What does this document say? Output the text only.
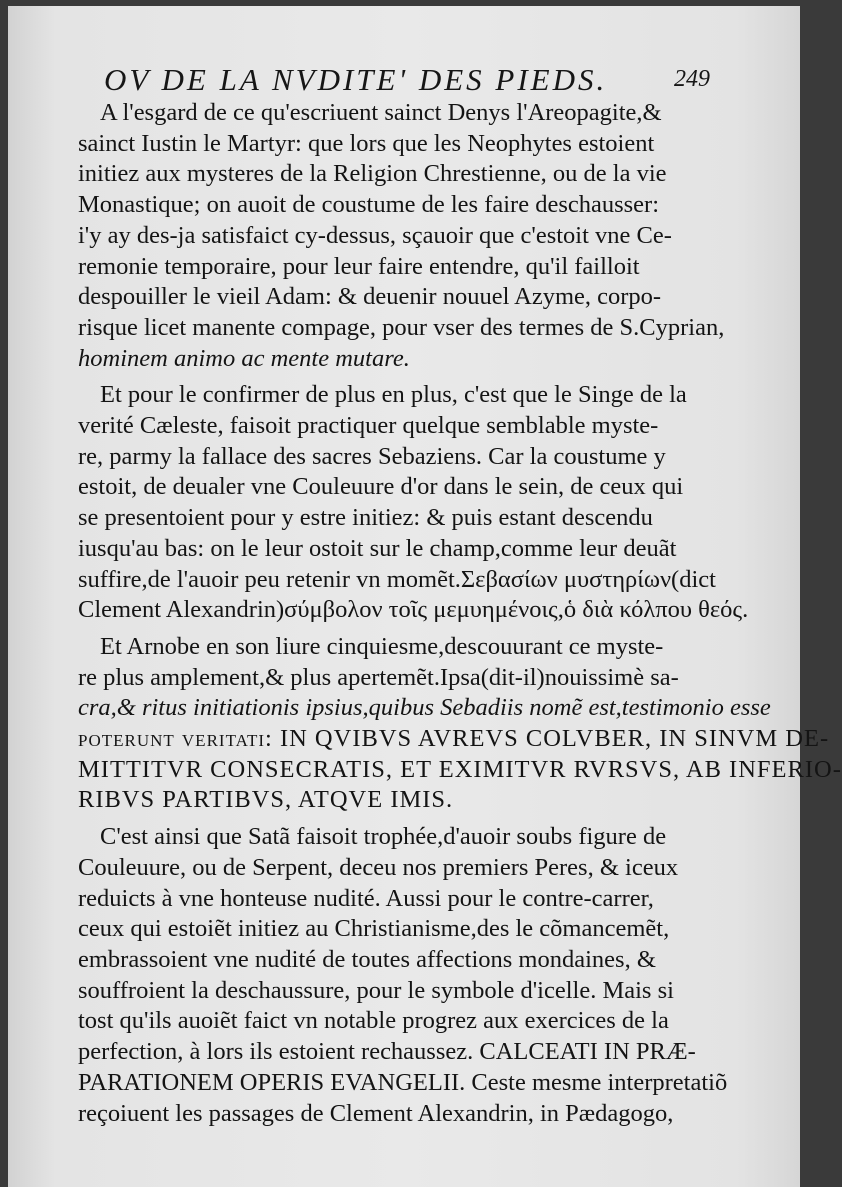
OV DE LA NVDITE' DES PIEDS.	249

A l'esgard de ce qu'escriuent sainct Denys l'Areopagite,&
sainct Iustin le Martyr: que lors que les Neophytes estoient
initiez aux mysteres de la Religion Chrestienne, ou de la vie
Monastique; on auoit de coustume de les faire deschausser:
i'y ay des-ja satisfaict cy-dessus, sçauoir que c'estoit vne Ce-
remonie temporaire, pour leur faire entendre, qu'il failloit
despouiller le vieil Adam: & deuenir nouuel Azyme, corpo-
risque licet manente compage, pour vser des termes de S.Cyprian,
hominem animo ac mente mutare.

Et pour le confirmer de plus en plus, c'est que le Singe de la
verité Cæleste, faisoit practiquer quelque semblable myste-
re, parmy la fallace des sacres Sebaziens. Car la coustume y
estoit, de deualer vne Couleuure d'or dans le sein, de ceux qui
se presentoient pour y estre initiez: & puis estant descendu
iusqu'au bas: on le leur ostoit sur le champ,comme leur deuãt
suffire,de l'auoir peu retenir vn momẽt.Σεβασίων μυστηρίων(dict
Clement Alexandrin)σύμβολον τοῖς μεμυημένοις,ὁ διὰ κόλπου θεός.

Et Arnobe en son liure cinquiesme,descouurant ce myste-
re plus amplement,& plus apertemẽt.Ipsa(dit-il)nouissimè sa-
cra,& ritus initiationis ipsius,quibus Sebadiis nomẽ est,testimonio esse
poterunt veritati: IN QVIBVS AVREVS COLVBER, IN SINVM DE-
MITTITVR CONSECRATIS, ET EXIMITVR RVRSVS, AB INFERIO-
RIBVS PARTIBVS, ATQVE IMIS.

C'est ainsi que Satã faisoit trophée,d'auoir soubs figure de
Couleuure, ou de Serpent, deceu nos premiers Peres, & iceux
reduicts à vne honteuse nudité. Aussi pour le contre-carrer,
ceux qui estoiẽt initiez au Christianisme,des le cõmancemẽt,
embrassoient vne nudité de toutes affections mondaines, &
souffroient la deschaussure, pour le symbole d'icelle. Mais si
tost qu'ils auoiẽt faict vn notable progrez aux exercices de la
perfection, à lors ils estoient rechaussez. CALCEATI IN PRÆ-
PARATIONEM OPERIS EVANGELII. Ceste mesme interpretatiõ
reçoiuent les passages de Clement Alexandrin, in Pædagogo,
